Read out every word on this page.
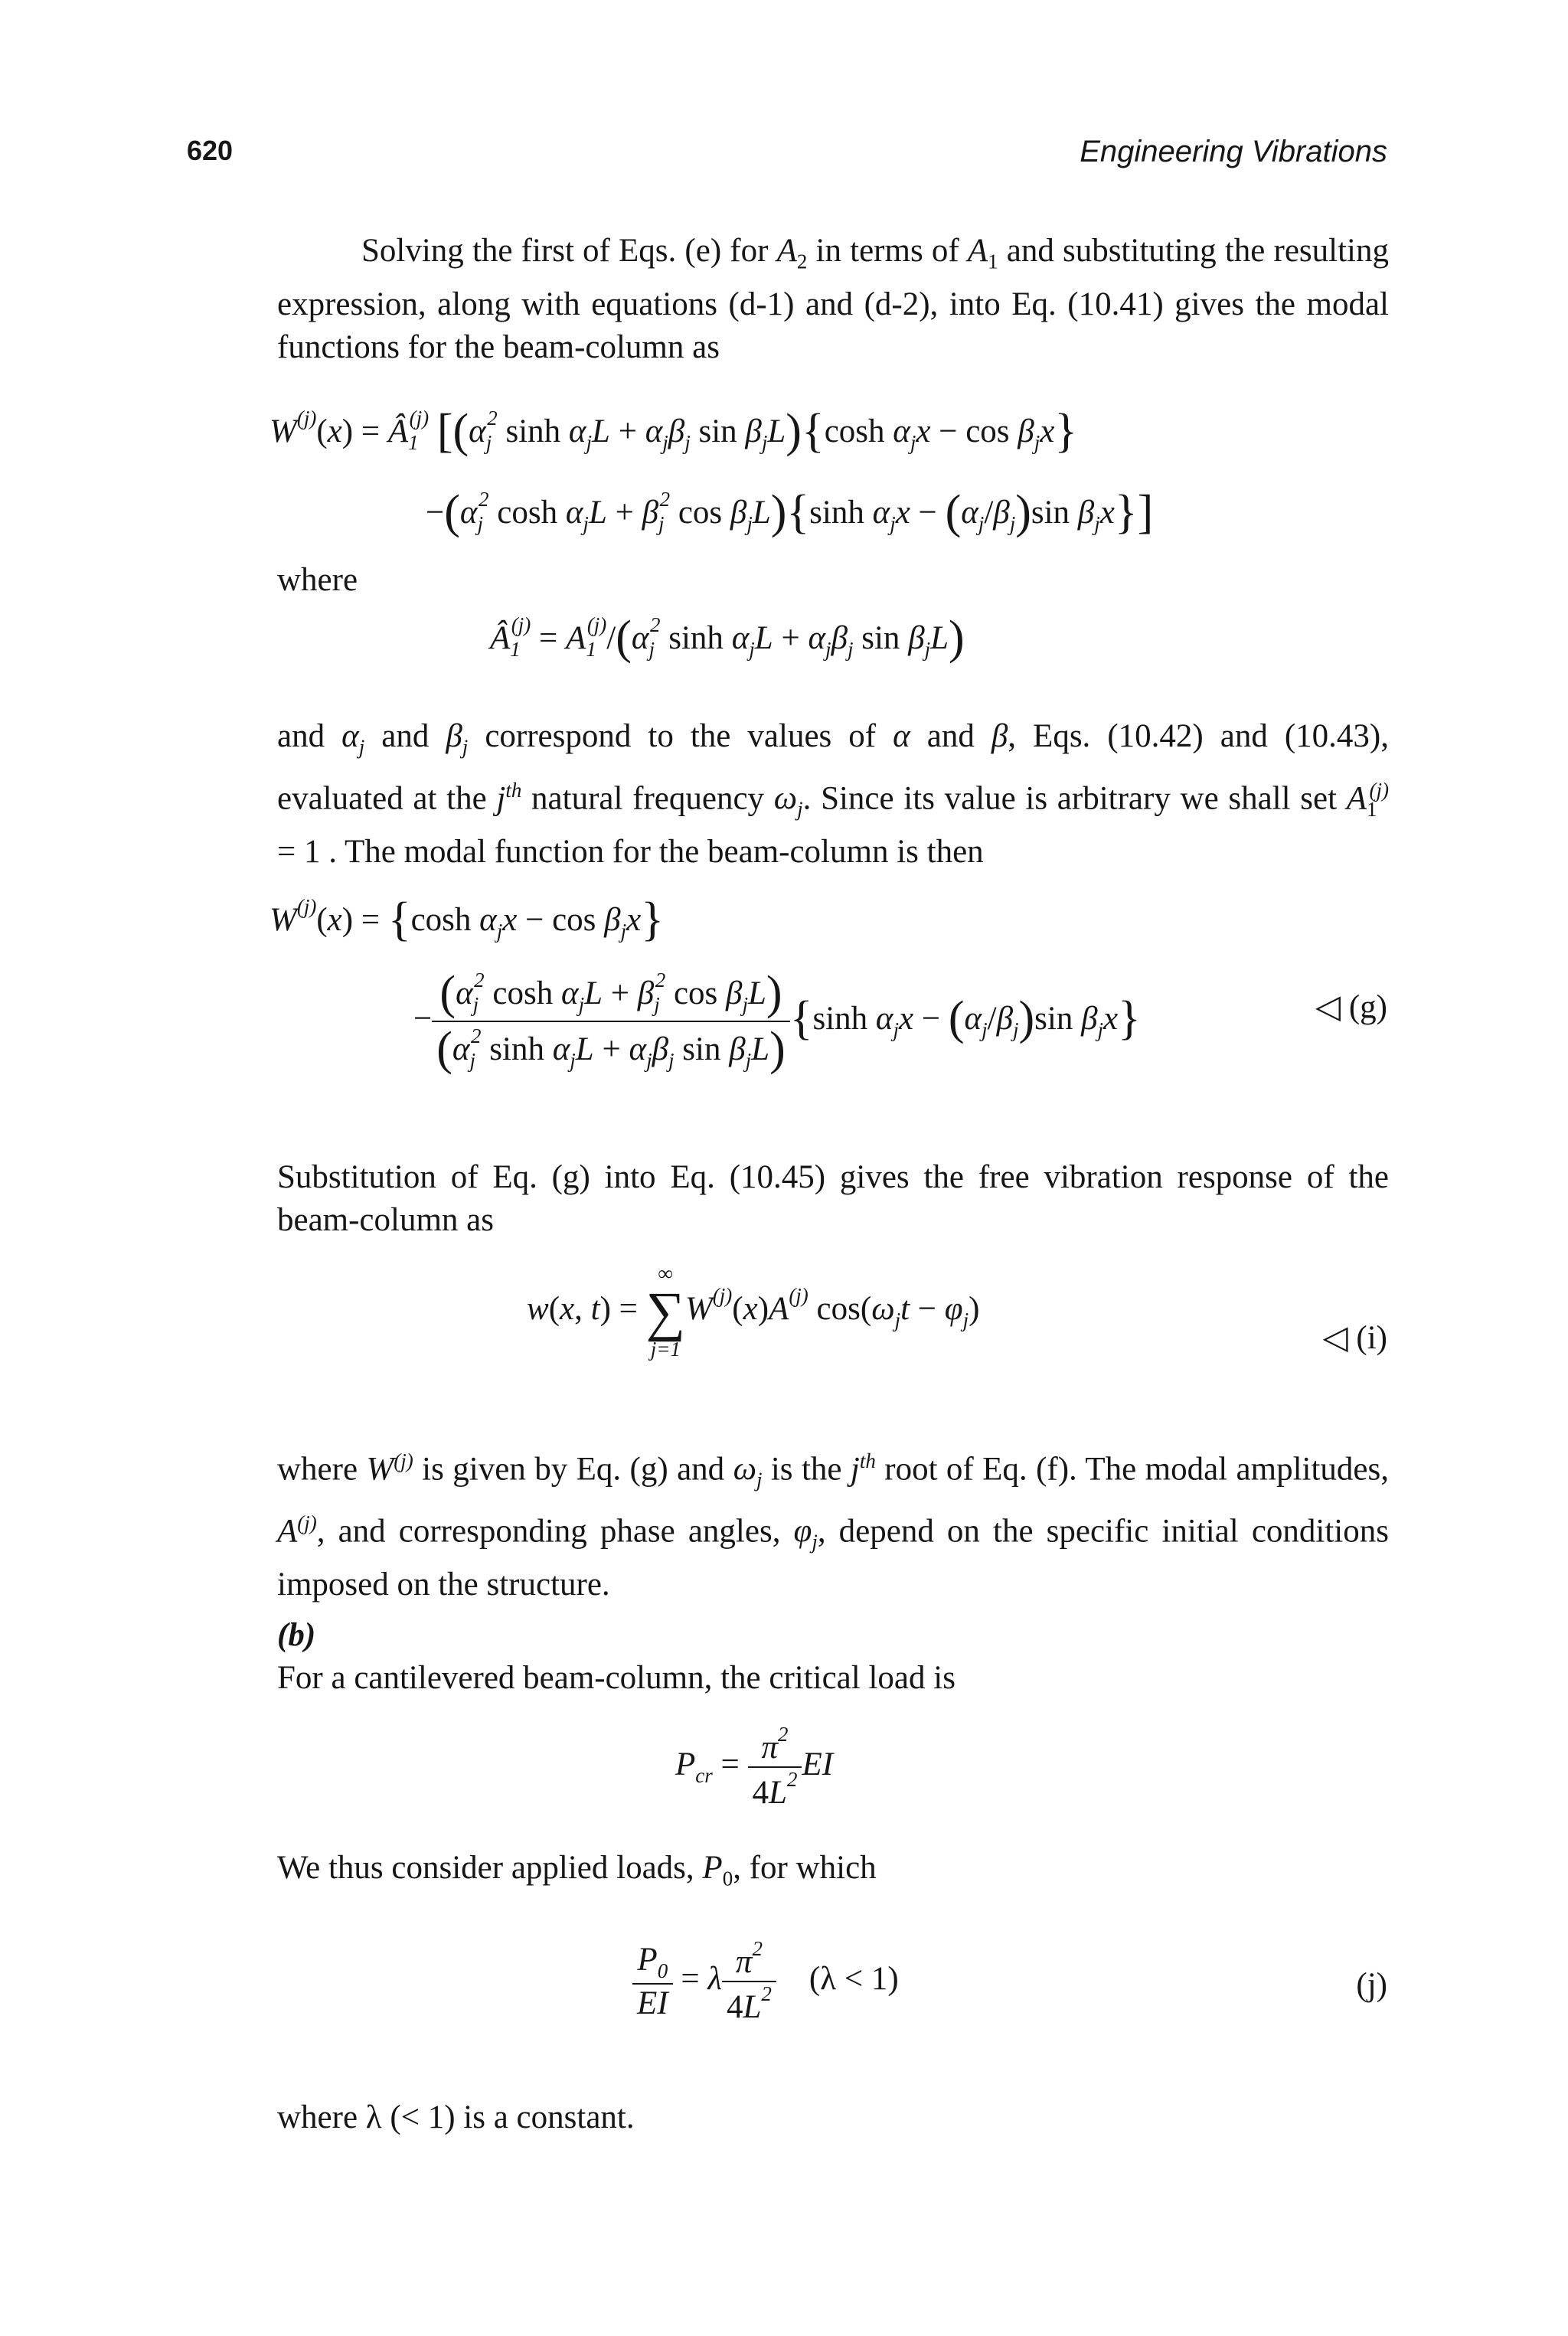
620	Engineering Vibrations
Solving the first of Eqs. (e) for $A_2$ in terms of $A_1$ and substituting the resulting expression, along with equations (d-1) and (d-2), into Eq. (10.41) gives the modal functions for the beam-column as
$W^{(j)}(x)$ = $Â_1^{(j)}$ [($\alpha_j^2$ $\sinh \alpha_jL + \alpha_j\beta_j$ $\sin \beta_jL)\{\cosh$ $\alpha_jx - \cos \beta_jx$}
$-(\alpha_j^2$ $\cosh \alpha_jL + \beta_j^2$ $\cos \beta_jL)\{\sinh$ $\alpha_jx - (\alpha_j/\beta_j)\sin$ $\beta_jx$}]
where
$Â_1^{(j)} = A_1^{(j)}/(\alpha_j^2$ $\sinh \alpha_jL + \alpha_j\beta_j$ $\sin \beta_jL$)
and $\alpha_j$ and $\beta_j$ correspond to the values of α and β, Eqs. (10.42) and (10.43), evaluated at the $j^{th}$ natural frequency $\omega_j$. Since its value is arbitrary we shall set $A_1^{(j)} = 1$ . The modal function for the beam-column is then
$W^{(j)}(x) = \{\cosh$ $\alpha_jx - \cos \beta_jx$}
− $\frac{(\alpha_j^2 \cosh \alpha_jL + \beta_j^2 \cos \beta_jL)}{(\alpha_j^2 \sinh \alpha_jL + \alpha_j\beta_j \sin \beta_jL)} \{\sinh$ $\alpha_jx - (\alpha_j/\beta_j)\sin$ $\beta_jx$}	◁ (g)
Substitution of Eq. (g) into Eq. (10.45) gives the free vibration response of the beam-column as
w(x, t) =
∞
∑
j=1
$W^{(j)}(x)A^{(j)}$ $\cos(\omega_jt - \varphi_j)$
◁ (i)
where $W^{(j)}$ is given by Eq. (g) and $\omega_j$ is the $j^{th}$ root of Eq. (f). The modal amplitudes, $A^{(j)}$, and corresponding phase angles, $\varphi_j$, depend on the specific initial conditions imposed on the structure.
(b)
For a cantilevered beam-column, the critical load is
$P_{cr} = \frac{\pi^2}{4L^2}$ EI
We thus consider applied loads, $P_0$, for which
$\frac{P_0}{EI} = \lambda \frac{\pi^2}{4L^2} (\lambda < 1)$	(j)
where λ (< 1) is a constant.
